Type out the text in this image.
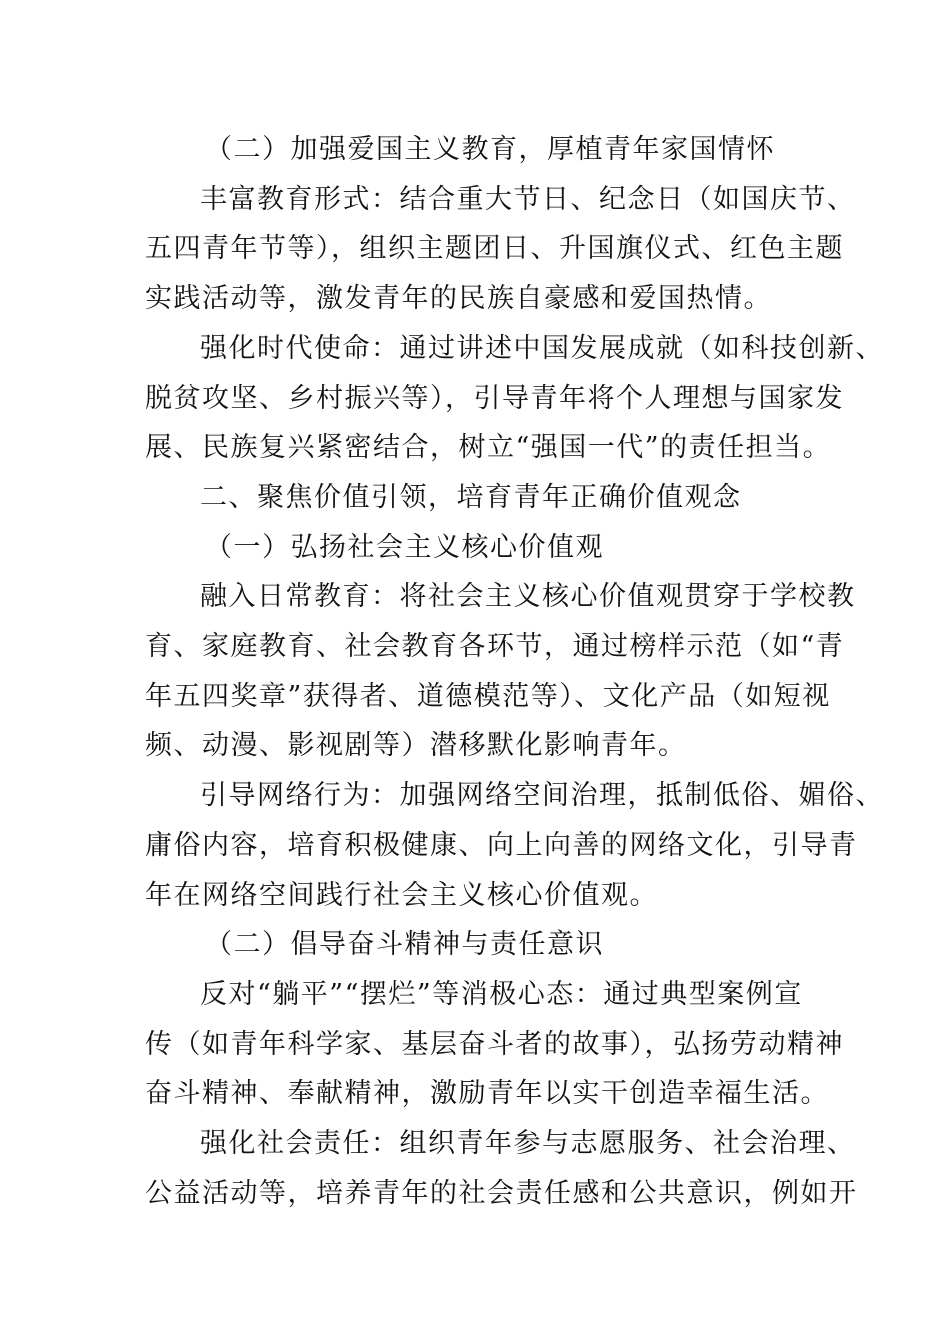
（二）加强爱国主义教育，厚植青年家国情怀

丰富教育形式：结合重大节日、纪念日（如国庆节、

五四青年节等），组织主题团日、升国旗仪式、红色主题

实践活动等，激发青年的民族自豪感和爱国热情。

强化时代使命：通过讲述中国发展成就（如科技创新、

脱贫攻坚、乡村振兴等），引导青年将个人理想与国家发

展、民族复兴紧密结合，树立“强国一代”的责任担当。

二、聚焦价值引领，培育青年正确价值观念

（一）弘扬社会主义核心价值观

融入日常教育：将社会主义核心价值观贯穿于学校教

育、家庭教育、社会教育各环节，通过榜样示范（如“青

年五四奖章”获得者、道德模范等）、文化产品（如短视

频、动漫、影视剧等）潜移默化影响青年。

引导网络行为：加强网络空间治理，抵制低俗、媚俗、

庸俗内容，培育积极健康、向上向善的网络文化，引导青

年在网络空间践行社会主义核心价值观。

（二）倡导奋斗精神与责任意识

反对“躺平”“摆烂”等消极心态：通过典型案例宣

传（如青年科学家、基层奋斗者的故事），弘扬劳动精神

奋斗精神、奉献精神，激励青年以实干创造幸福生活。

强化社会责任：组织青年参与志愿服务、社会治理、

公益活动等，培养青年的社会责任感和公共意识，例如开
